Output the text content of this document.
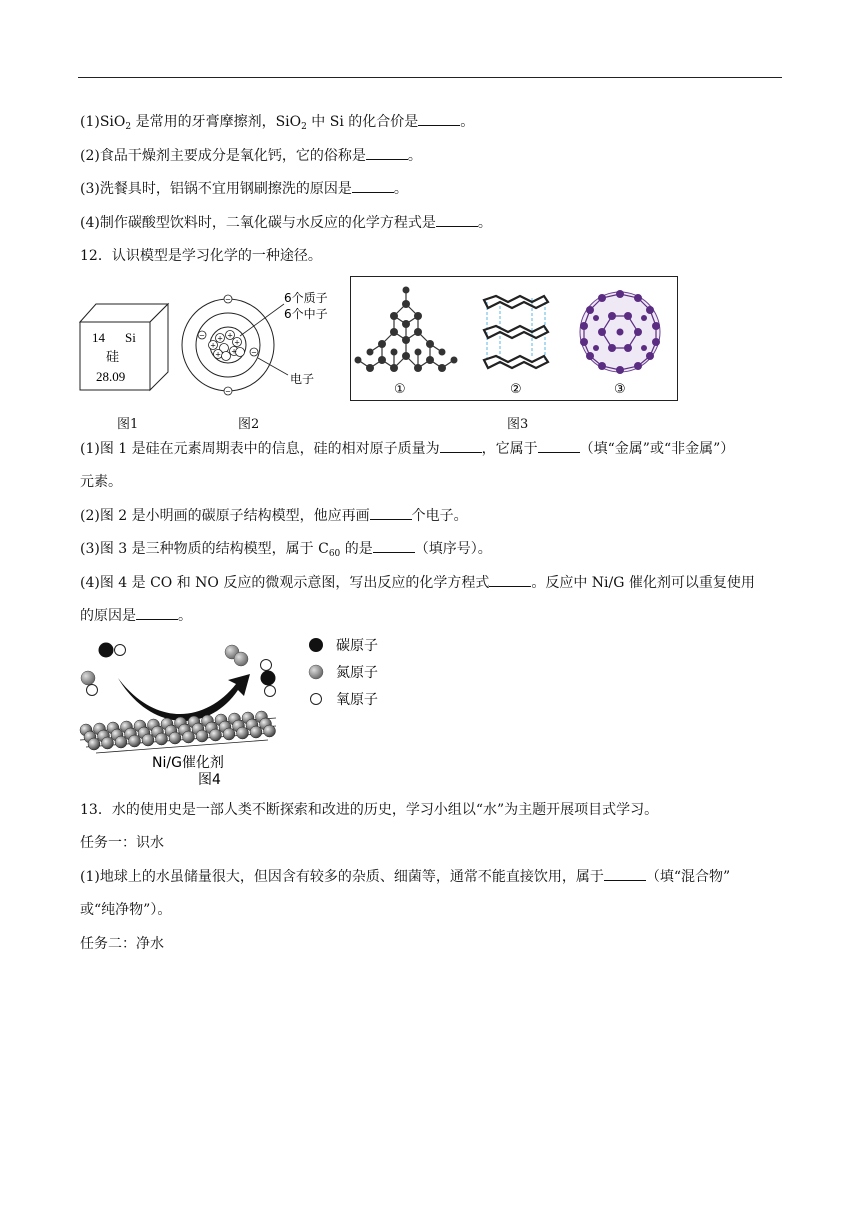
(1)SiO$_2$ 是常用的牙膏摩擦剂，SiO$_2$ 中 Si 的化合价是	。
(2)食品干燥剂主要成分是氧化钙，它的俗称是	。
(3)洗餐具时，铝锅不宜用钢刷擦洗的原因是	。
(4)制作碳酸型饮料时，二氧化碳与水反应的化学方程式是	。
12．认识模型是学习化学的一种途径。
14 Si
硅
28.09
图1
+ +
+
+
+
+
−
−
−
−
6个质子
6个中子
电子
图2
①	②	③
图3
(1)图 1 是硅在元素周期表中的信息，硅的相对原子质量为	，它属于	（填“金属”或“非金属”）
元素。
(2)图 2 是小明画的碳原子结构模型，他应再画	个电子。
(3)图 3 是三种物质的结构模型，属于 $C_{60}$ 的是	（填序号）。
(4)图 4 是 CO 和 NO 反应的微观示意图，写出反应的化学方程式	。反应中 Ni/G 催化剂可以重复使用
的原因是	。
Ni/G催化剂
图4
碳原子
氮原子
氧原子
13．水的使用史是一部人类不断探索和改进的历史，学习小组以“水”为主题开展项目式学习。
任务一：识水
(1)地球上的水虽储量很大，但因含有较多的杂质、细菌等，通常不能直接饮用，属于	（填“混合物”
或“纯净物”）。
任务二：净水
